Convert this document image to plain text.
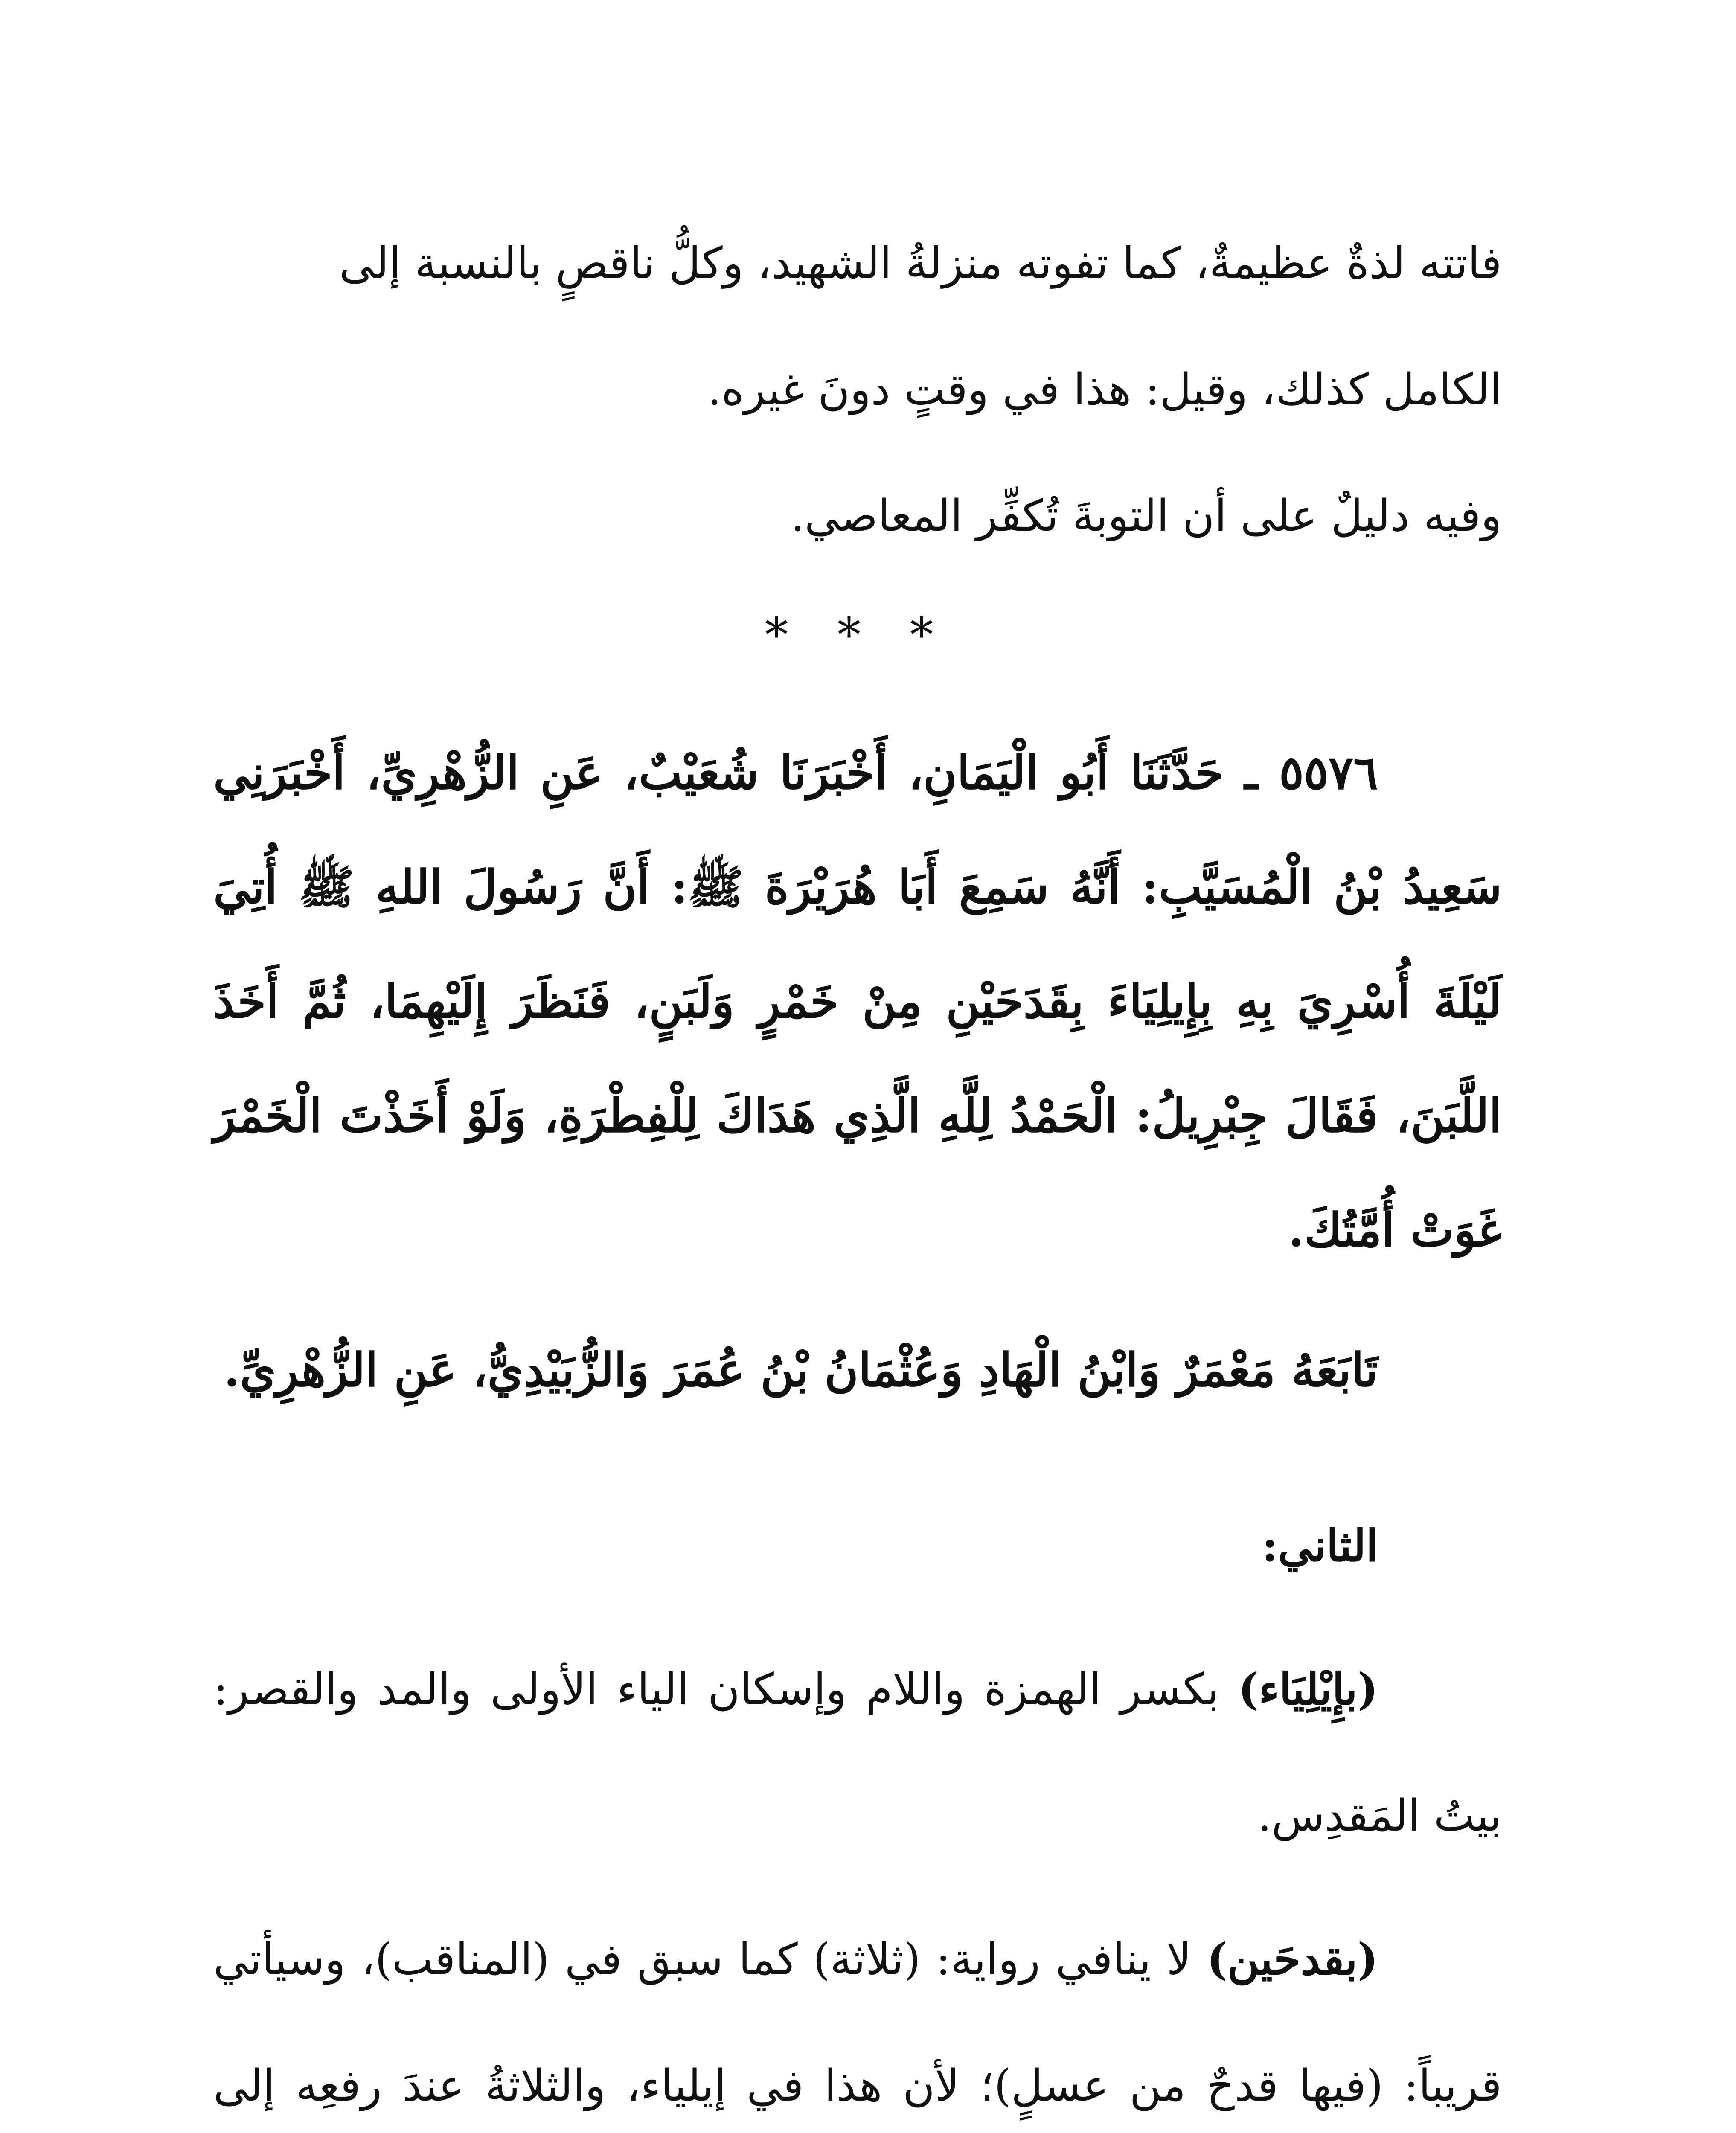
فاتته لذةٌ عظيمةٌ، كما تفوته منزلةُ الشهيد، وكلُّ ناقصٍ بالنسبة إلى

الكامل كذلك، وقيل: هذا في وقتٍ دونَ غيره.

وفيه دليلٌ على أن التوبةَ تُكفِّر المعاصي.

* * *

٥٥٧٦ ـ حَدَّثَنَا أَبُو الْيَمَانِ، أَخْبَرَنَا شُعَيْبٌ، عَنِ الزُّهْرِيِّ، أَخْبَرَنِي سَعِيدُ بْنُ الْمُسَيَّبِ: أَنَّهُ سَمِعَ أَبَا هُرَيْرَةَ ﷺ: أَنَّ رَسُولَ اللهِ ﷺ أُتِيَ لَيْلَةَ أُسْرِيَ بِهِ بِإِيلِيَاءَ بِقَدَحَيْنِ مِنْ خَمْرٍ وَلَبَنٍ، فَنَظَرَ إِلَيْهِمَا، ثُمَّ أَخَذَ اللَّبَنَ، فَقَالَ جِبْرِيلُ: الْحَمْدُ لِلَّهِ الَّذِي هَدَاكَ لِلْفِطْرَةِ، وَلَوْ أَخَذْتَ الْخَمْرَ غَوَتْ أُمَّتُكَ.

تَابَعَهُ مَعْمَرٌ وَابْنُ الْهَادِ وَعُثْمَانُ بْنُ عُمَرَ وَالزُّبَيْدِيُّ، عَنِ الزُّهْرِيِّ.

الثاني:

(بإِيْلِيَاء) بكسر الهمزة واللام وإسكان الياء الأولى والمد والقصر: بيتُ المَقدِس.

(بقدحَين) لا ينافي رواية: (ثلاثة) كما سبق في (المناقب)، وسيأتي قريباً: (فيها قدحٌ من عسلٍ)؛ لأن هذا في إيلياء، والثلاثةُ عندَ رفعِه إلى
